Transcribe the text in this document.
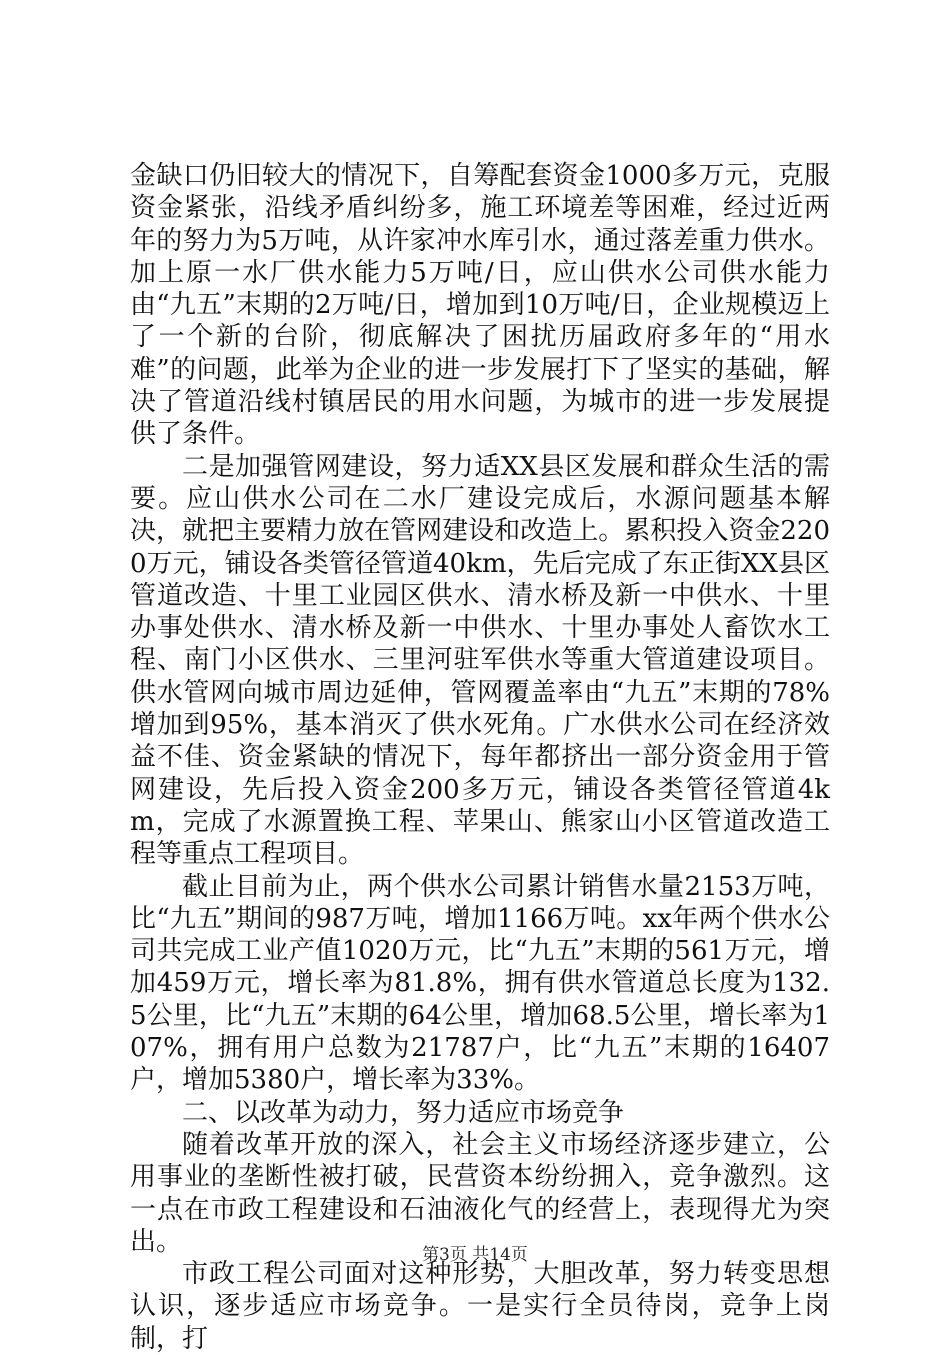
金缺口仍旧较大的情况下，自筹配套资金1000多万元，克服资金紧张，沿线矛盾纠纷多，施工环境差等困难，经过近两年的努力为5万吨，从许家冲水库引水，通过落差重力供水。加上原一水厂供水能力5万吨/日，应山供水公司供水能力由“九五”末期的2万吨/日，增加到10万吨/日，企业规模迈上了一个新的台阶，彻底解决了困扰历届政府多年的“用水难”的问题，此举为企业的进一步发展打下了坚实的基础，解决了管道沿线村镇居民的用水问题，为城市的进一步发展提供了条件。

二是加强管网建设，努力适XX县区发展和群众生活的需要。应山供水公司在二水厂建设完成后，水源问题基本解决，就把主要精力放在管网建设和改造上。累积投入资金2200万元，铺设各类管径管道40km，先后完成了东正街XX县区管道改造、十里工业园区供水、清水桥及新一中供水、十里办事处供水、清水桥及新一中供水、十里办事处人畜饮水工程、南门小区供水、三里河驻军供水等重大管道建设项目。供水管网向城市周边延伸，管网覆盖率由“九五”末期的78%增加到95%，基本消灭了供水死角。广水供水公司在经济效益不佳、资金紧缺的情况下，每年都挤出一部分资金用于管网建设，先后投入资金200多万元，铺设各类管径管道4km，完成了水源置换工程、苹果山、熊家山小区管道改造工程等重点工程项目。

截止目前为止，两个供水公司累计销售水量2153万吨，比“九五”期间的987万吨，增加1166万吨。xx年两个供水公司共完成工业产值1020万元，比“九五”末期的561万元，增加459万元，增长率为81.8%，拥有供水管道总长度为132.5公里，比“九五”末期的64公里，增加68.5公里，增长率为107%，拥有用户总数为21787户，比“九五”末期的16407户，增加5380户，增长率为33%。

二、以改革为动力，努力适应市场竞争

随着改革开放的深入，社会主义市场经济逐步建立，公用事业的垄断性被打破，民营资本纷纷拥入，竞争激烈。这一点在市政工程建设和石油液化气的经营上，表现得尤为突出。

市政工程公司面对这种形势，大胆改革，努力转变思想认识，逐步适应市场竞争。一是实行全员待岗，竞争上岗制，打

第3页 共14页
